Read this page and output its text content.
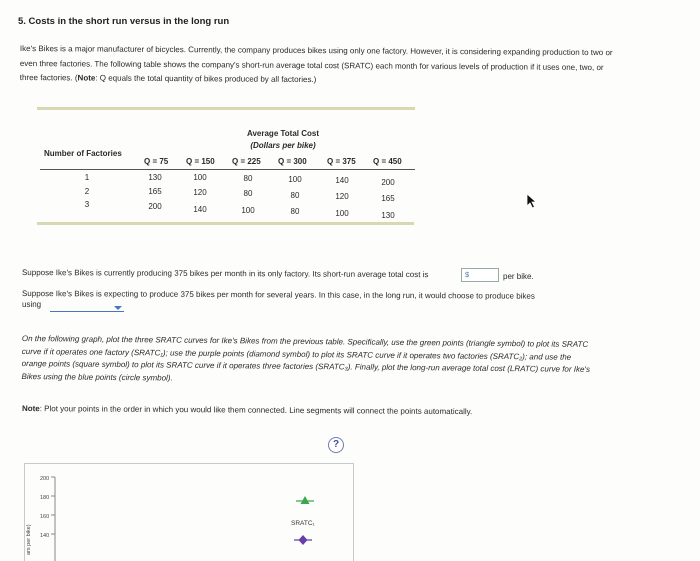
5. Costs in the short run versus in the long run
Ike's Bikes is a major manufacturer of bicycles. Currently, the company produces bikes using only one factory. However, it is considering expanding production to two or even three factories. The following table shows the company's short-run average total cost (SRATC) each month for various levels of production if it uses one, two, or three factories. (Note: Q equals the total quantity of bikes produced by all factories.)
Average Total Cost
(Dollars per bike)
Number of Factories
Q = 75 Q = 150 Q = 225 Q = 300	Q = 375 Q = 450
1	130	100	80	100	140	200
2	165	120	80	80	120	165
3	200	140	100	80	100	130
Suppose Ike's Bikes is currently producing 375 bikes per month in its only factory. Its short-run average total cost is	$	per bike.
Suppose Ike's Bikes is expecting to produce 375 bikes per month for several years. In this case, in the long run, it would choose to produce bikes
using
On the following graph, plot the three SRATC curves for Ike's Bikes from the previous table. Specifically, use the green points (triangle symbol) to plot its SRATC curve if it operates one factory (SRATC₁); use the purple points (diamond symbol) to plot its SRATC curve if it operates two factories (SRATC₂); and use the orange points (square symbol) to plot its SRATC curve if it operates three factories (SRATC₃). Finally, plot the long-run average total cost (LRATC) curve for Ike's Bikes using the blue points (circle symbol).
Note: Plot your points in the order in which you would like them connected. Line segments will connect the points automatically.
?
200
180
160
140
ars per bike)
SRATC₁
